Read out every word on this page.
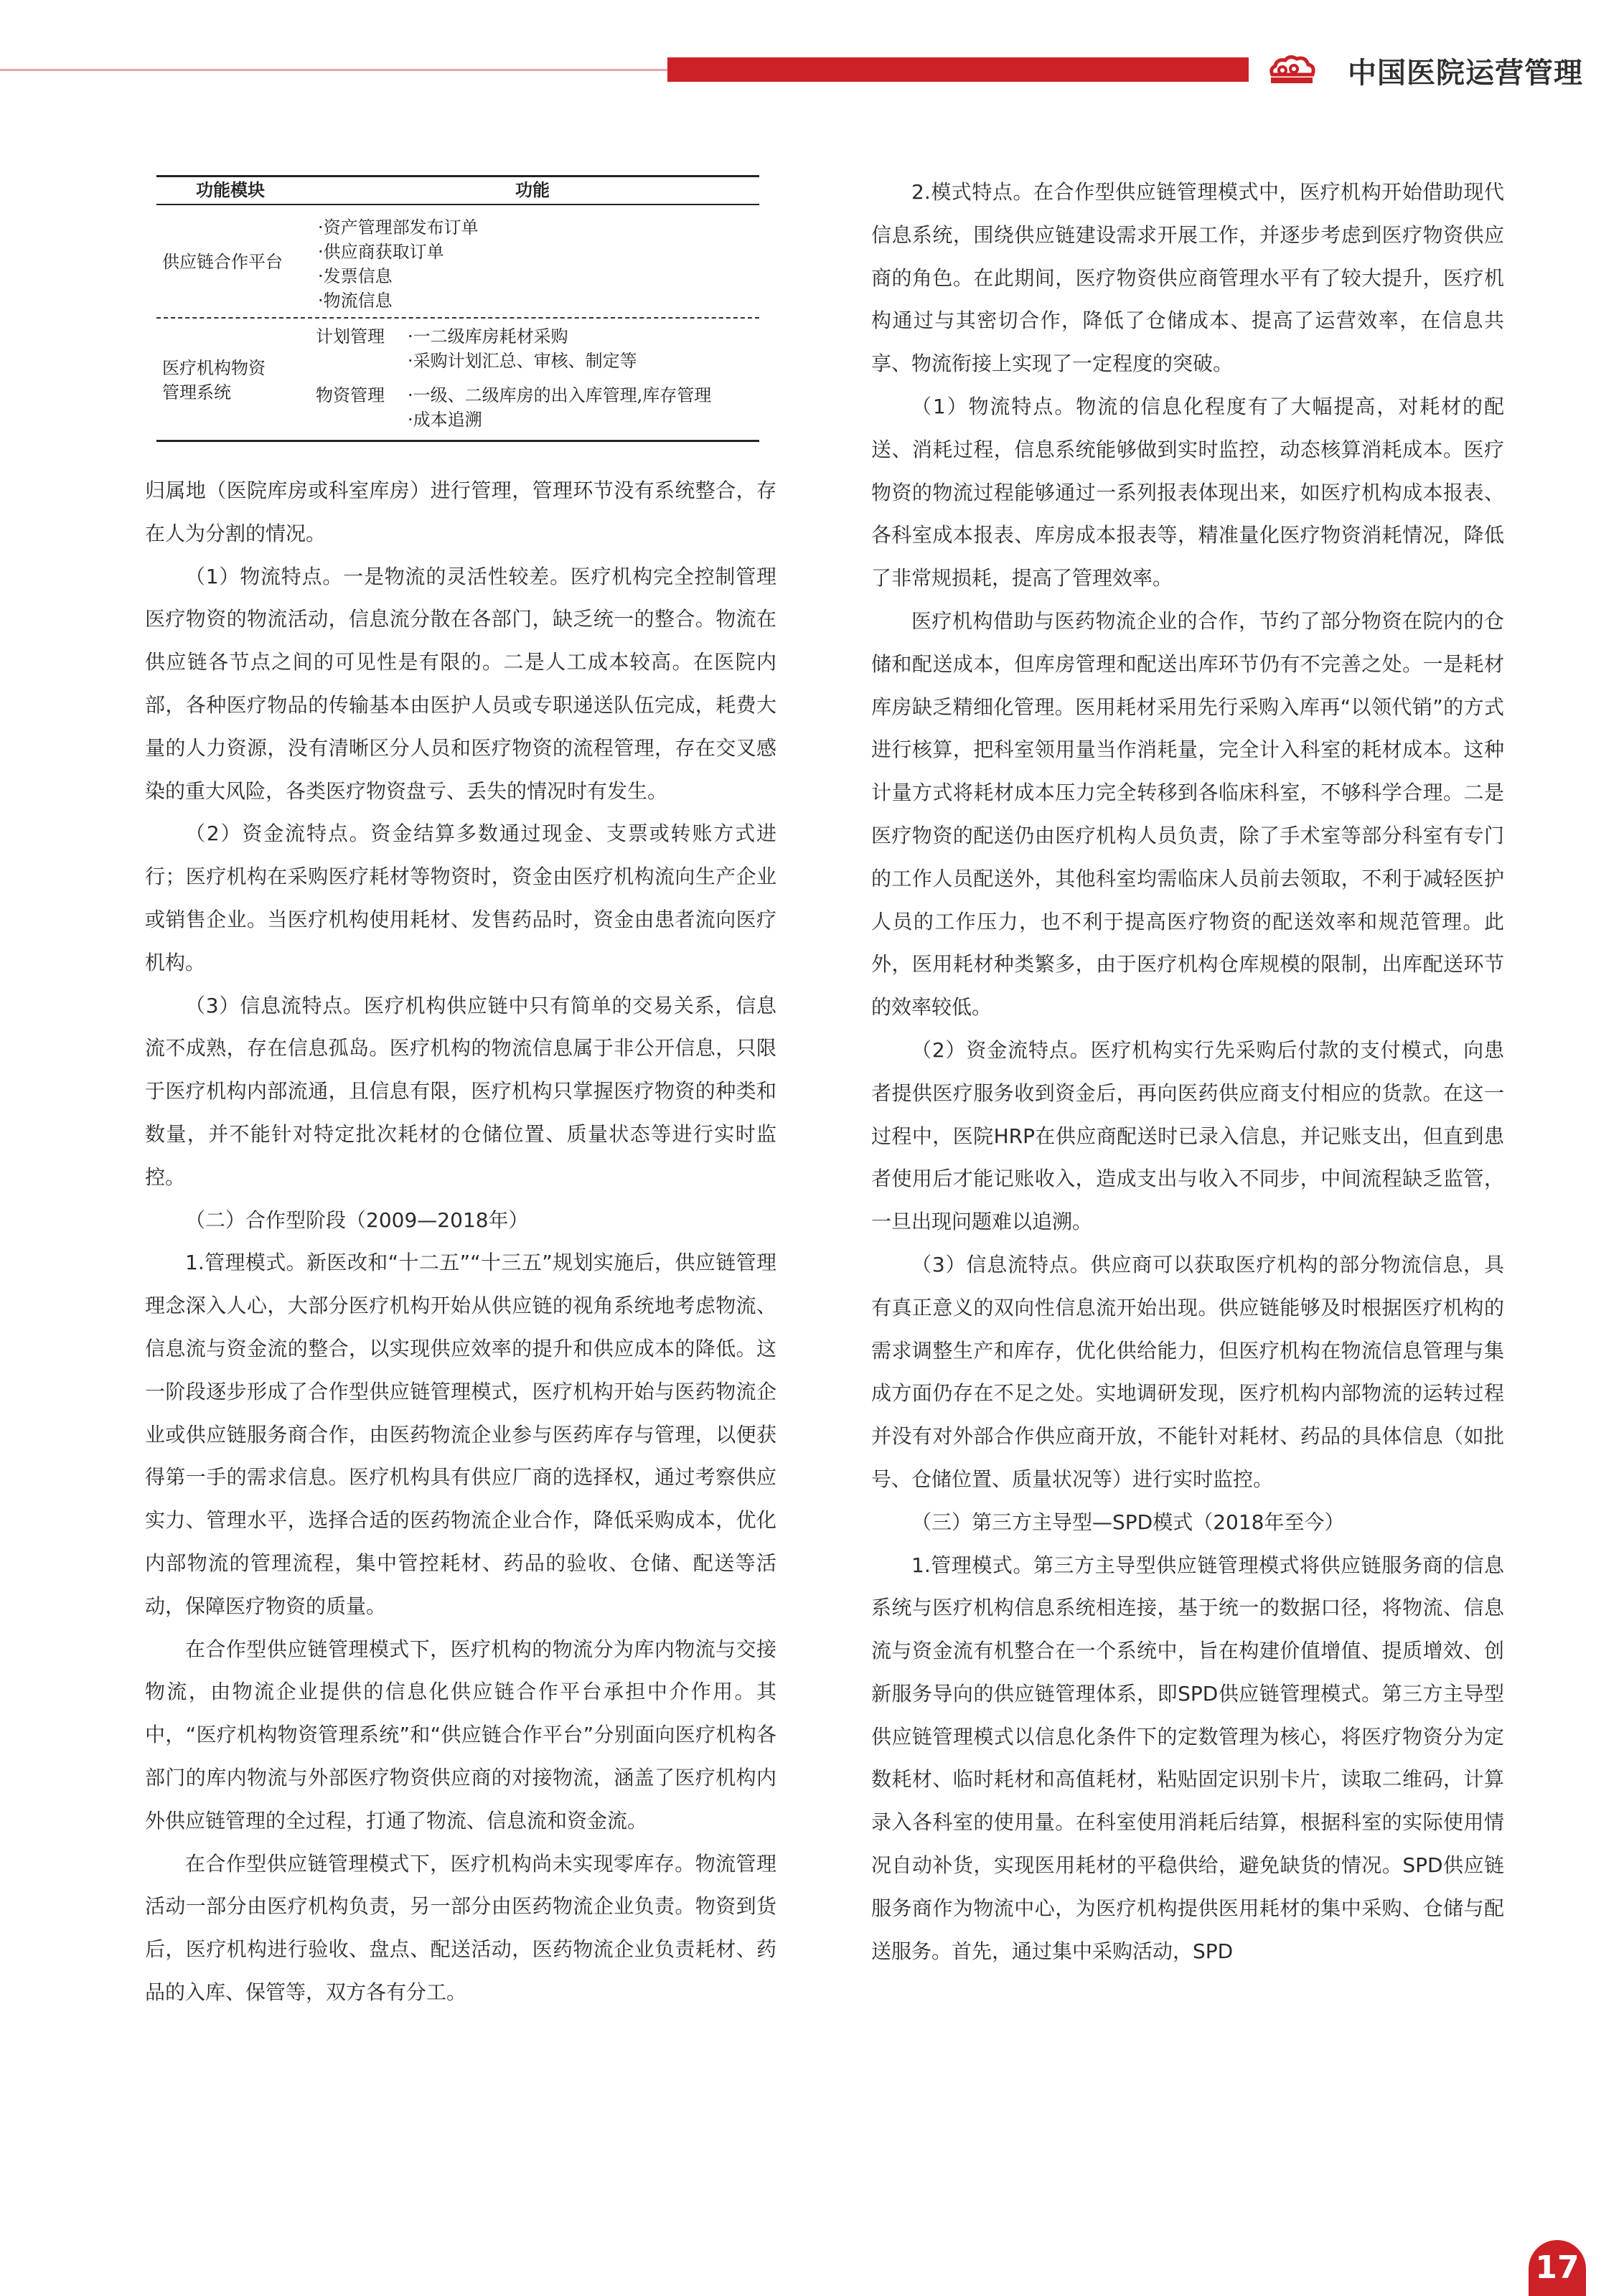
中国医院运营管理
功能模块	功能
供应链合作平台
·资产管理部发布订单
·供应商获取订单
·发票信息
·物流信息
医疗机构物资
管理系统
计划管理 ·一二级库房耗材采购
·采购计划汇总、审核、制定等
物资管理 ·一级、二级库房的出入库管理,库存管理
·成本追溯

归属地（医院库房或科室库房）进行管理，管理环节没有系统整合，存在人为分割的情况。

（1）物流特点。一是物流的灵活性较差。医疗机构完全控制管理医疗物资的物流活动，信息流分散在各部门，缺乏统一的整合。物流在供应链各节点之间的可见性是有限的。二是人工成本较高。在医院内部，各种医疗物品的传输基本由医护人员或专职递送队伍完成，耗费大量的人力资源，没有清晰区分人员和医疗物资的流程管理，存在交叉感染的重大风险，各类医疗物资盘亏、丢失的情况时有发生。

（2）资金流特点。资金结算多数通过现金、支票或转账方式进行；医疗机构在采购医疗耗材等物资时，资金由医疗机构流向生产企业或销售企业。当医疗机构使用耗材、发售药品时，资金由患者流向医疗机构。

（3）信息流特点。医疗机构供应链中只有简单的交易关系，信息流不成熟，存在信息孤岛。医疗机构的物流信息属于非公开信息，只限于医疗机构内部流通，且信息有限，医疗机构只掌握医疗物资的种类和数量，并不能针对特定批次耗材的仓储位置、质量状态等进行实时监控。

（二）合作型阶段（2009—2018年）

1.管理模式。新医改和“十二五”“十三五”规划实施后，供应链管理理念深入人心，大部分医疗机构开始从供应链的视角系统地考虑物流、信息流与资金流的整合，以实现供应效率的提升和供应成本的降低。这一阶段逐步形成了合作型供应链管理模式，医疗机构开始与医药物流企业或供应链服务商合作，由医药物流企业参与医药库存与管理，以便获得第一手的需求信息。医疗机构具有供应厂商的选择权，通过考察供应实力、管理水平，选择合适的医药物流企业合作，降低采购成本，优化内部物流的管理流程，集中管控耗材、药品的验收、仓储、配送等活动，保障医疗物资的质量。

在合作型供应链管理模式下，医疗机构的物流分为库内物流与交接物流，由物流企业提供的信息化供应链合作平台承担中介作用。其中，“医疗机构物资管理系统”和“供应链合作平台”分别面向医疗机构各部门的库内物流与外部医疗物资供应商的对接物流，涵盖了医疗机构内外供应链管理的全过程，打通了物流、信息流和资金流。

在合作型供应链管理模式下，医疗机构尚未实现零库存。物流管理活动一部分由医疗机构负责，另一部分由医药物流企业负责。物资到货后，医疗机构进行验收、盘点、配送活动，医药物流企业负责耗材、药品的入库、保管等，双方各有分工。

2.模式特点。在合作型供应链管理模式中，医疗机构开始借助现代信息系统，围绕供应链建设需求开展工作，并逐步考虑到医疗物资供应商的角色。在此期间，医疗物资供应商管理水平有了较大提升，医疗机构通过与其密切合作，降低了仓储成本、提高了运营效率，在信息共享、物流衔接上实现了一定程度的突破。

（1）物流特点。物流的信息化程度有了大幅提高，对耗材的配送、消耗过程，信息系统能够做到实时监控，动态核算消耗成本。医疗物资的物流过程能够通过一系列报表体现出来，如医疗机构成本报表、各科室成本报表、库房成本报表等，精准量化医疗物资消耗情况，降低了非常规损耗，提高了管理效率。

医疗机构借助与医药物流企业的合作，节约了部分物资在院内的仓储和配送成本，但库房管理和配送出库环节仍有不完善之处。一是耗材库房缺乏精细化管理。医用耗材采用先行采购入库再“以领代销”的方式进行核算，把科室领用量当作消耗量，完全计入科室的耗材成本。这种计量方式将耗材成本压力完全转移到各临床科室，不够科学合理。二是医疗物资的配送仍由医疗机构人员负责，除了手术室等部分科室有专门的工作人员配送外，其他科室均需临床人员前去领取，不利于减轻医护人员的工作压力，也不利于提高医疗物资的配送效率和规范管理。此外，医用耗材种类繁多，由于医疗机构仓库规模的限制，出库配送环节的效率较低。

（2）资金流特点。医疗机构实行先采购后付款的支付模式，向患者提供医疗服务收到资金后，再向医药供应商支付相应的货款。在这一过程中，医院HRP在供应商配送时已录入信息，并记账支出，但直到患者使用后才能记账收入，造成支出与收入不同步，中间流程缺乏监管，一旦出现问题难以追溯。

（3）信息流特点。供应商可以获取医疗机构的部分物流信息，具有真正意义的双向性信息流开始出现。供应链能够及时根据医疗机构的需求调整生产和库存，优化供给能力，但医疗机构在物流信息管理与集成方面仍存在不足之处。实地调研发现，医疗机构内部物流的运转过程并没有对外部合作供应商开放，不能针对耗材、药品的具体信息（如批号、仓储位置、质量状况等）进行实时监控。

（三）第三方主导型—SPD模式（2018年至今）

1.管理模式。第三方主导型供应链管理模式将供应链服务商的信息系统与医疗机构信息系统相连接，基于统一的数据口径，将物流、信息流与资金流有机整合在一个系统中，旨在构建价值增值、提质增效、创新服务导向的供应链管理体系，即SPD供应链管理模式。第三方主导型供应链管理模式以信息化条件下的定数管理为核心，将医疗物资分为定数耗材、临时耗材和高值耗材，粘贴固定识别卡片，读取二维码，计算录入各科室的使用量。在科室使用消耗后结算，根据科室的实际使用情况自动补货，实现医用耗材的平稳供给，避免缺货的情况。SPD供应链服务商作为物流中心，为医疗机构提供医用耗材的集中采购、仓储与配送服务。首先，通过集中采购活动，SPD

17
